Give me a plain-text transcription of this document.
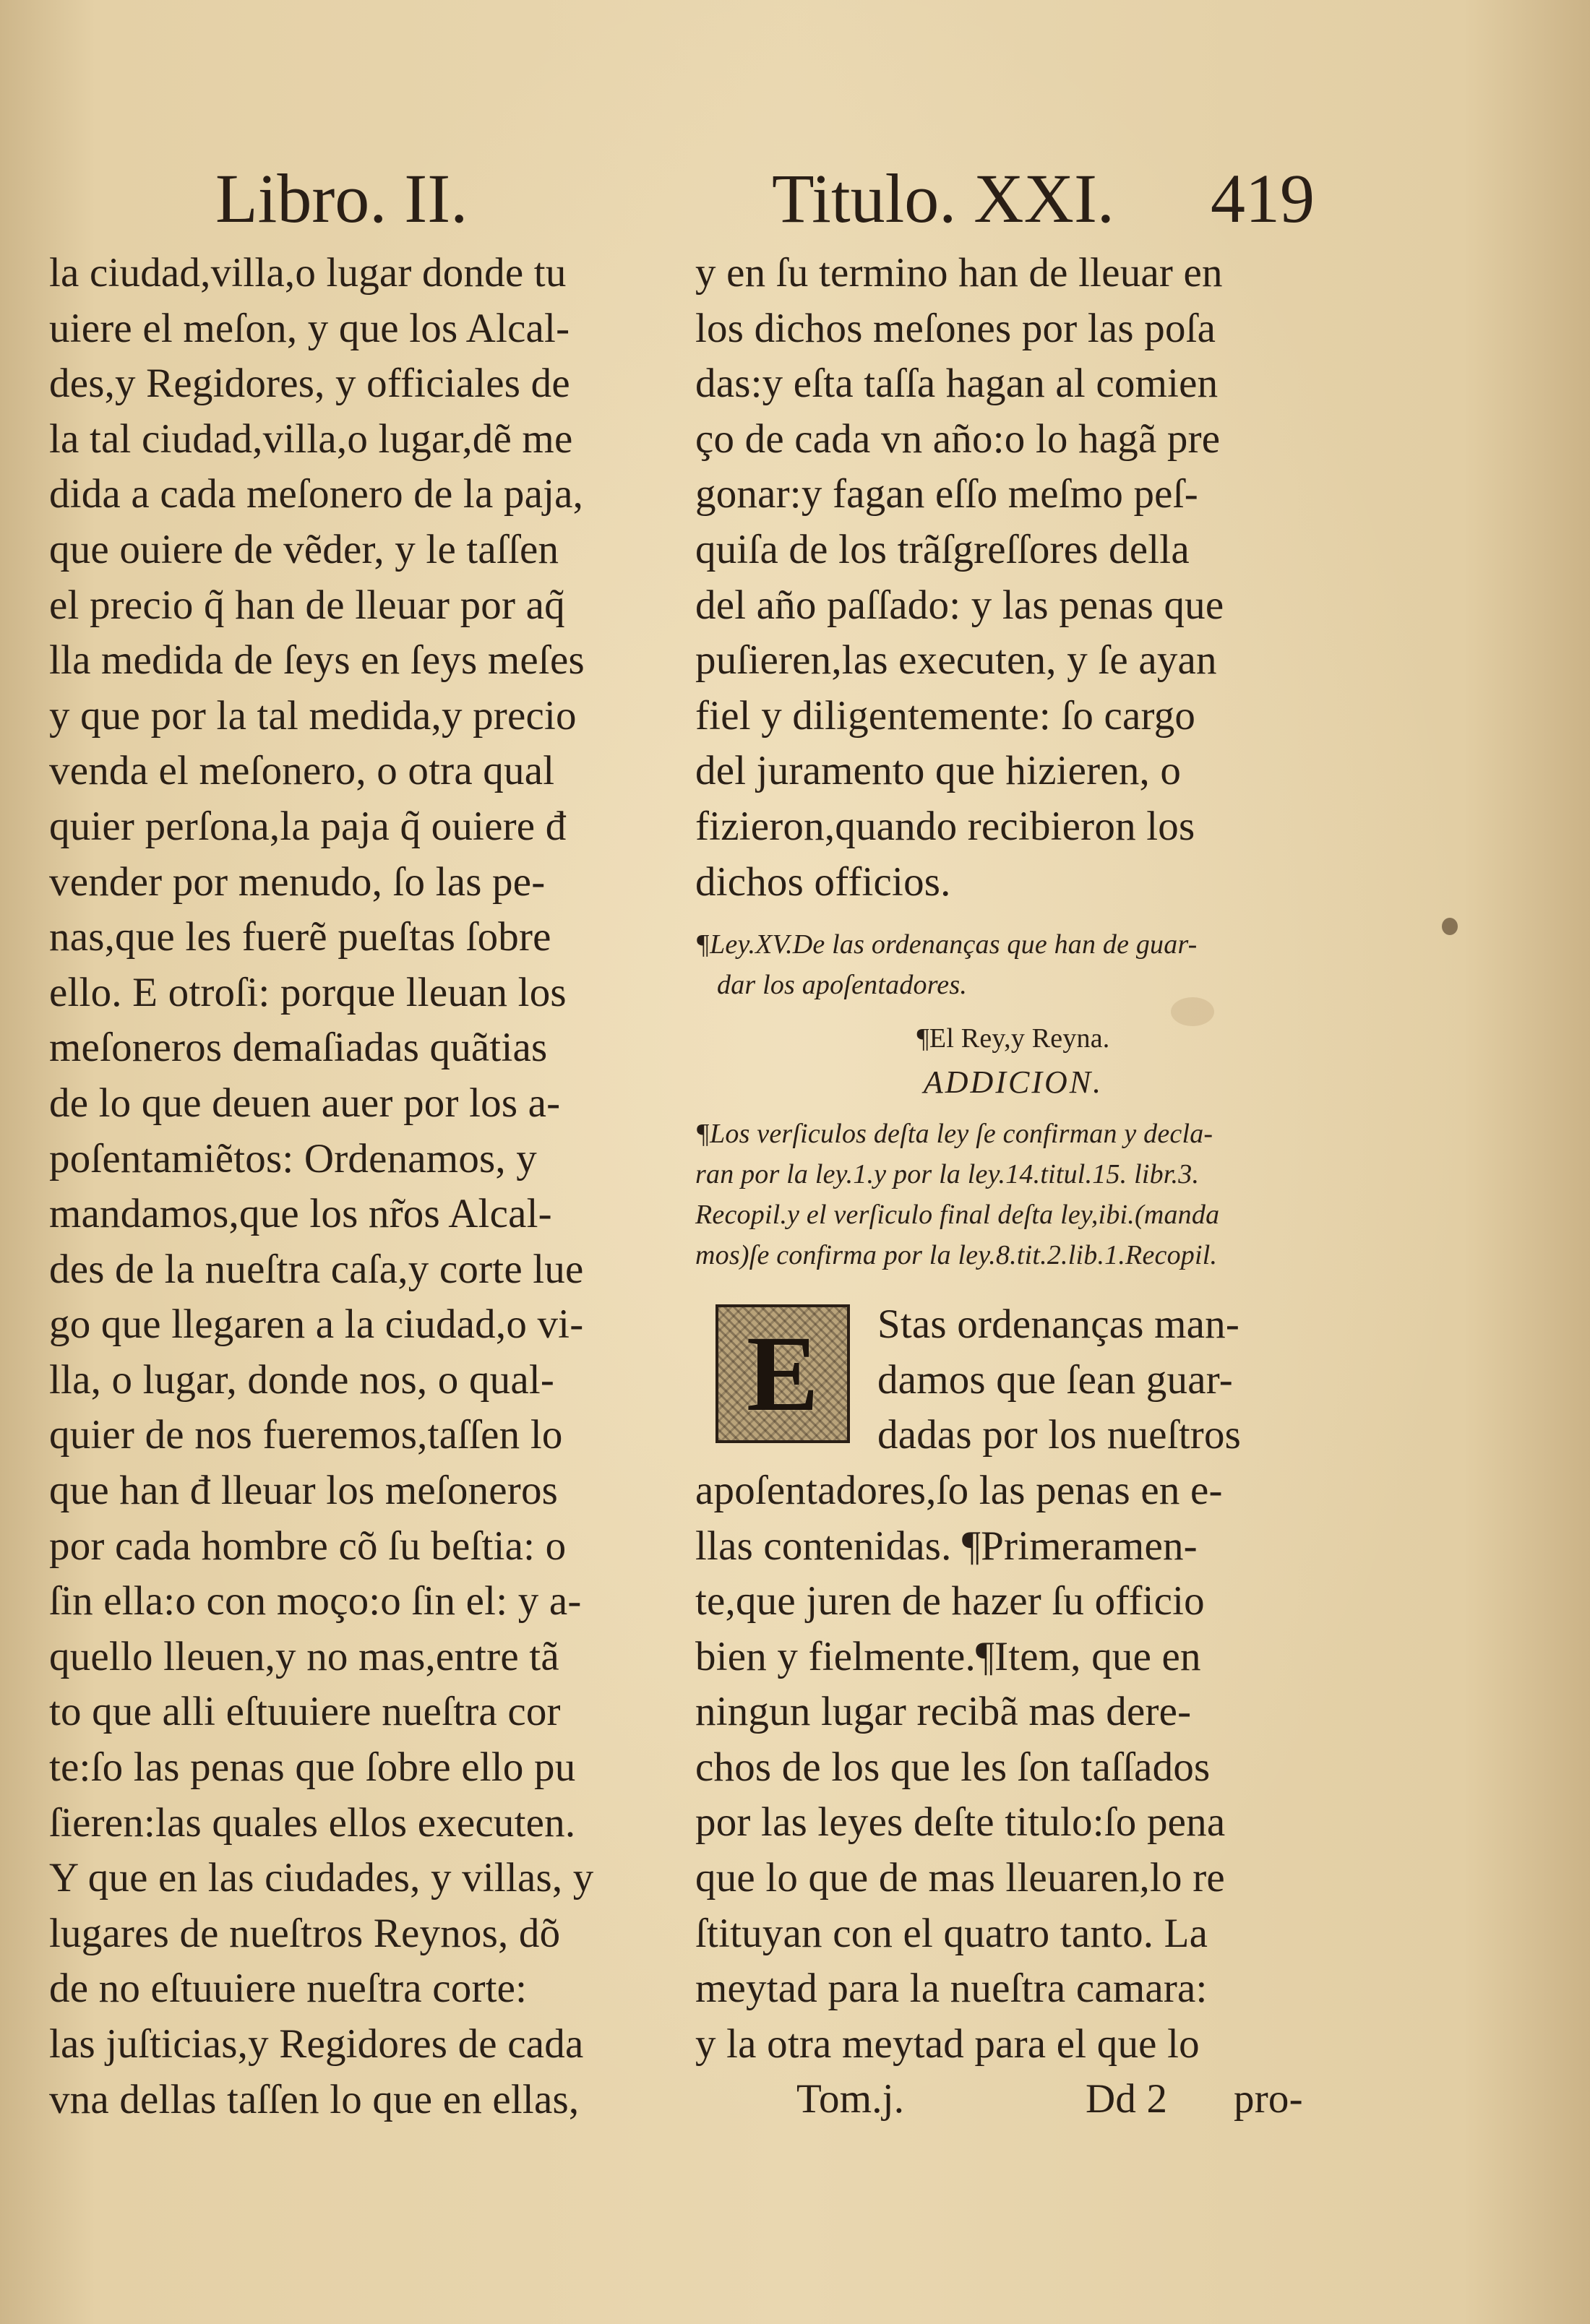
Libro. II.	Titulo. XXI. 419
la ciudad,villa,o lugar donde tu
uiere el meſon, y que los Alcal-
des,y Regidores, y officiales de
la tal ciudad,villa,o lugar,dẽ me
dida a cada meſonero de la paja,
que ouiere de vẽder, y le taſſen
el precio q̃ han de lleuar por aq̃
lla medida de ſeys en ſeys meſes
y que por la tal medida,y precio
venda el meſonero, o otra qual
quier perſona,la paja q̃ ouiere đ
vender por menudo, ſo las pe-
nas,que les fuerẽ pueſtas ſobre
ello. E otroſi: porque lleuan los
meſoneros demaſiadas quãtias
de lo que deuen auer por los a-
poſentamiẽtos: Ordenamos, y
mandamos,que los nr̃os Alcal-
des de la nueſtra caſa,y corte lue
go que llegaren a la ciudad,o vi-
lla, o lugar, donde nos, o qual-
quier de nos fueremos,taſſen lo
que han đ lleuar los meſoneros
por cada hombre cõ ſu beſtia: o
ſin ella:o con moço:o ſin el: y a-
quello lleuen,y no mas,entre tã
to que alli eſtuuiere nueſtra cor
te:ſo las penas que ſobre ello pu
ſieren:las quales ellos executen.
Y que en las ciudades, y villas, y
lugares de nueſtros Reynos, dõ
de no eſtuuiere nueſtra corte:
las juſticias,y Regidores de cada
vna dellas taſſen lo que en ellas,
y en ſu termino han de lleuar en
los dichos meſones por las poſa
das:y eſta taſſa hagan al comien
ço de cada vn año:o lo hagã pre
gonar:y fagan eſſo meſmo peſ-
quiſa de los trãſgreſſores della
del año paſſado: y las penas que
puſieren,las executen, y ſe ayan
fiel y diligentemente: ſo cargo
del juramento que hizieren, o
fizieron,quando recibieron los
dichos officios.
¶Ley.XV.De las ordenanças que han de guar-
dar los apoſentadores.
¶El Rey,y Reyna.
ADDICION.
¶Los verſiculos deſta ley ſe confirman y decla-
ran por la ley.1.y por la ley.14.titul.15. libr.3.
Recopil.y el verſiculo final deſta ley,ibi.(manda
mos)ſe confirma por la ley.8.tit.2.lib.1.Recopil.
E	Stas ordenanças man-
damos que ſean guar-
dadas por los nueſtros
apoſentadores,ſo las penas en e-
llas contenidas. ¶Primeramen-
te,que juren de hazer ſu officio
bien y fielmente.¶Item, que en
ningun lugar recibã mas dere-
chos de los que les ſon taſſados
por las leyes deſte titulo:ſo pena
que lo que de mas lleuaren,lo re
ſtituyan con el quatro tanto. La
meytad para la nueſtra camara:
y la otra meytad para el que lo
Tom.j.	Dd 2 pro-
